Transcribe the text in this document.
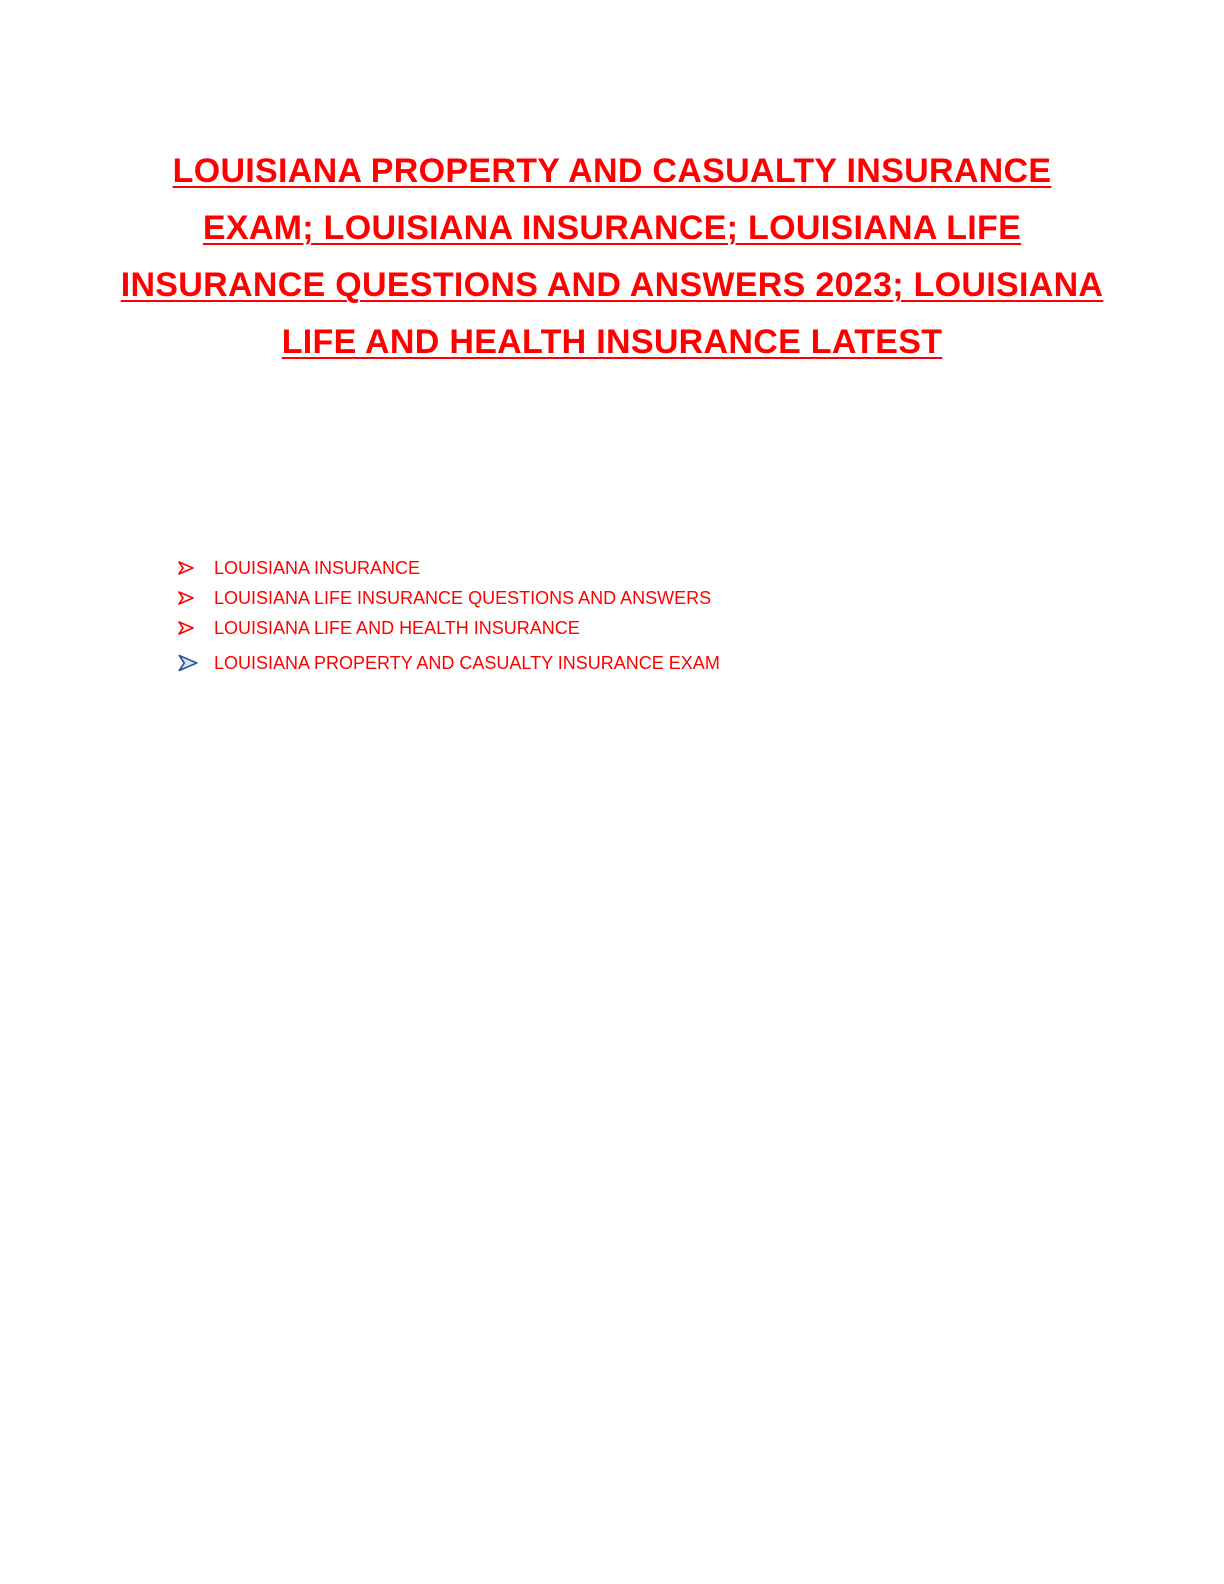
LOUISIANA PROPERTY AND CASUALTY INSURANCE EXAM; LOUISIANA INSURANCE; LOUISIANA LIFE INSURANCE QUESTIONS AND ANSWERS 2023; LOUISIANA LIFE AND HEALTH INSURANCE LATEST
LOUISIANA INSURANCE
LOUISIANA LIFE INSURANCE QUESTIONS AND ANSWERS
LOUISIANA LIFE AND HEALTH INSURANCE
LOUISIANA PROPERTY AND CASUALTY INSURANCE EXAM
